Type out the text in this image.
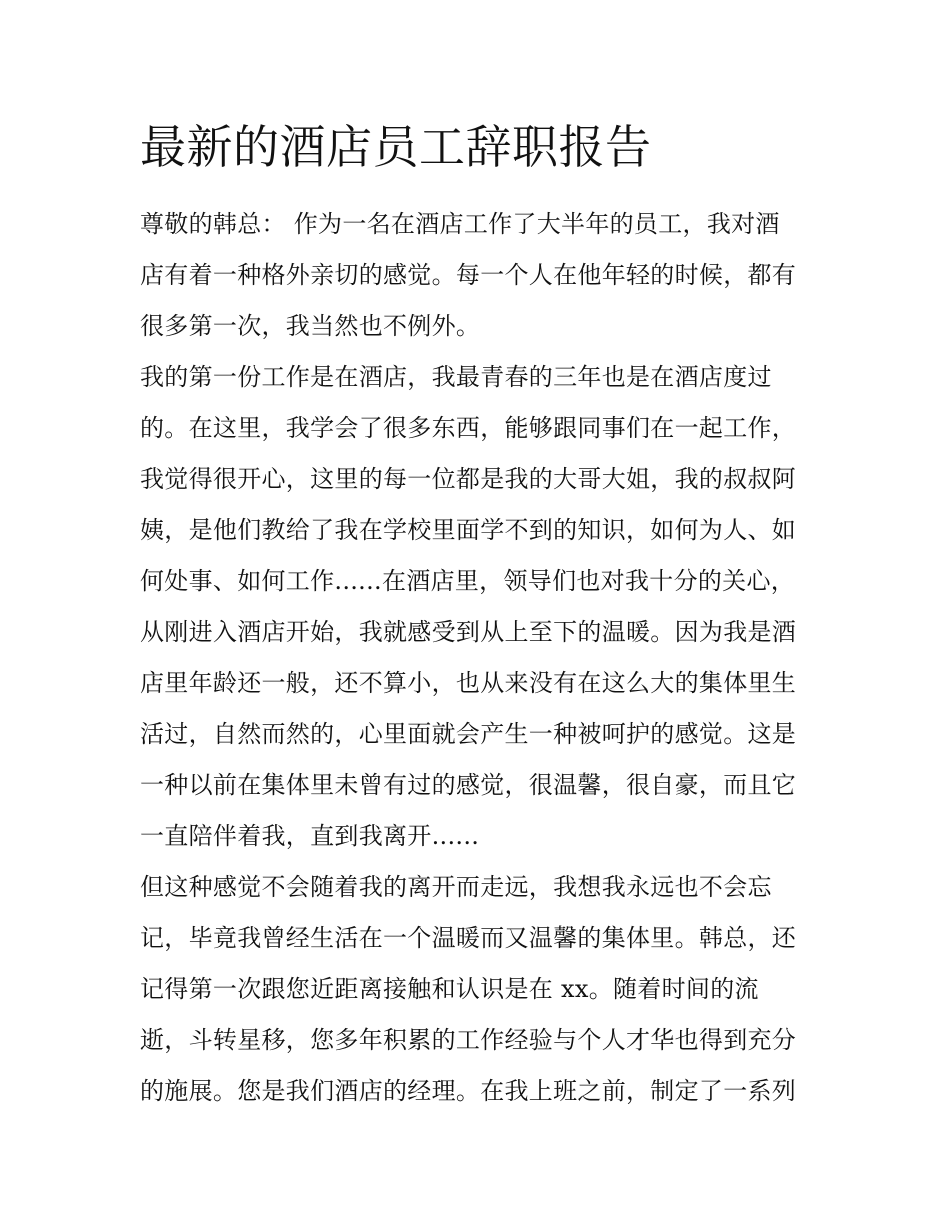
最新的酒店员工辞职报告
尊敬的韩总： 作为一名在酒店工作了大半年的员工，我对酒
店有着一种格外亲切的感觉。每一个人在他年轻的时候，都有
很多第一次，我当然也不例外。
我的第一份工作是在酒店，我最青春的三年也是在酒店度过
的。在这里，我学会了很多东西，能够跟同事们在一起工作，
我觉得很开心，这里的每一位都是我的大哥大姐，我的叔叔阿
姨，是他们教给了我在学校里面学不到的知识，如何为人、如
何处事、如何工作......在酒店里，领导们也对我十分的关心，
从刚进入酒店开始，我就感受到从上至下的温暖。因为我是酒
店里年龄还一般，还不算小，也从来没有在这么大的集体里生
活过，自然而然的，心里面就会产生一种被呵护的感觉。这是
一种以前在集体里未曾有过的感觉，很温馨，很自豪，而且它
一直陪伴着我，直到我离开......
但这种感觉不会随着我的离开而走远，我想我永远也不会忘
记，毕竟我曾经生活在一个温暖而又温馨的集体里。韩总，还
记得第一次跟您近距离接触和认识是在 xx。随着时间的流
逝，斗转星移，您多年积累的工作经验与个人才华也得到充分
的施展。您是我们酒店的经理。在我上班之前，制定了一系列
